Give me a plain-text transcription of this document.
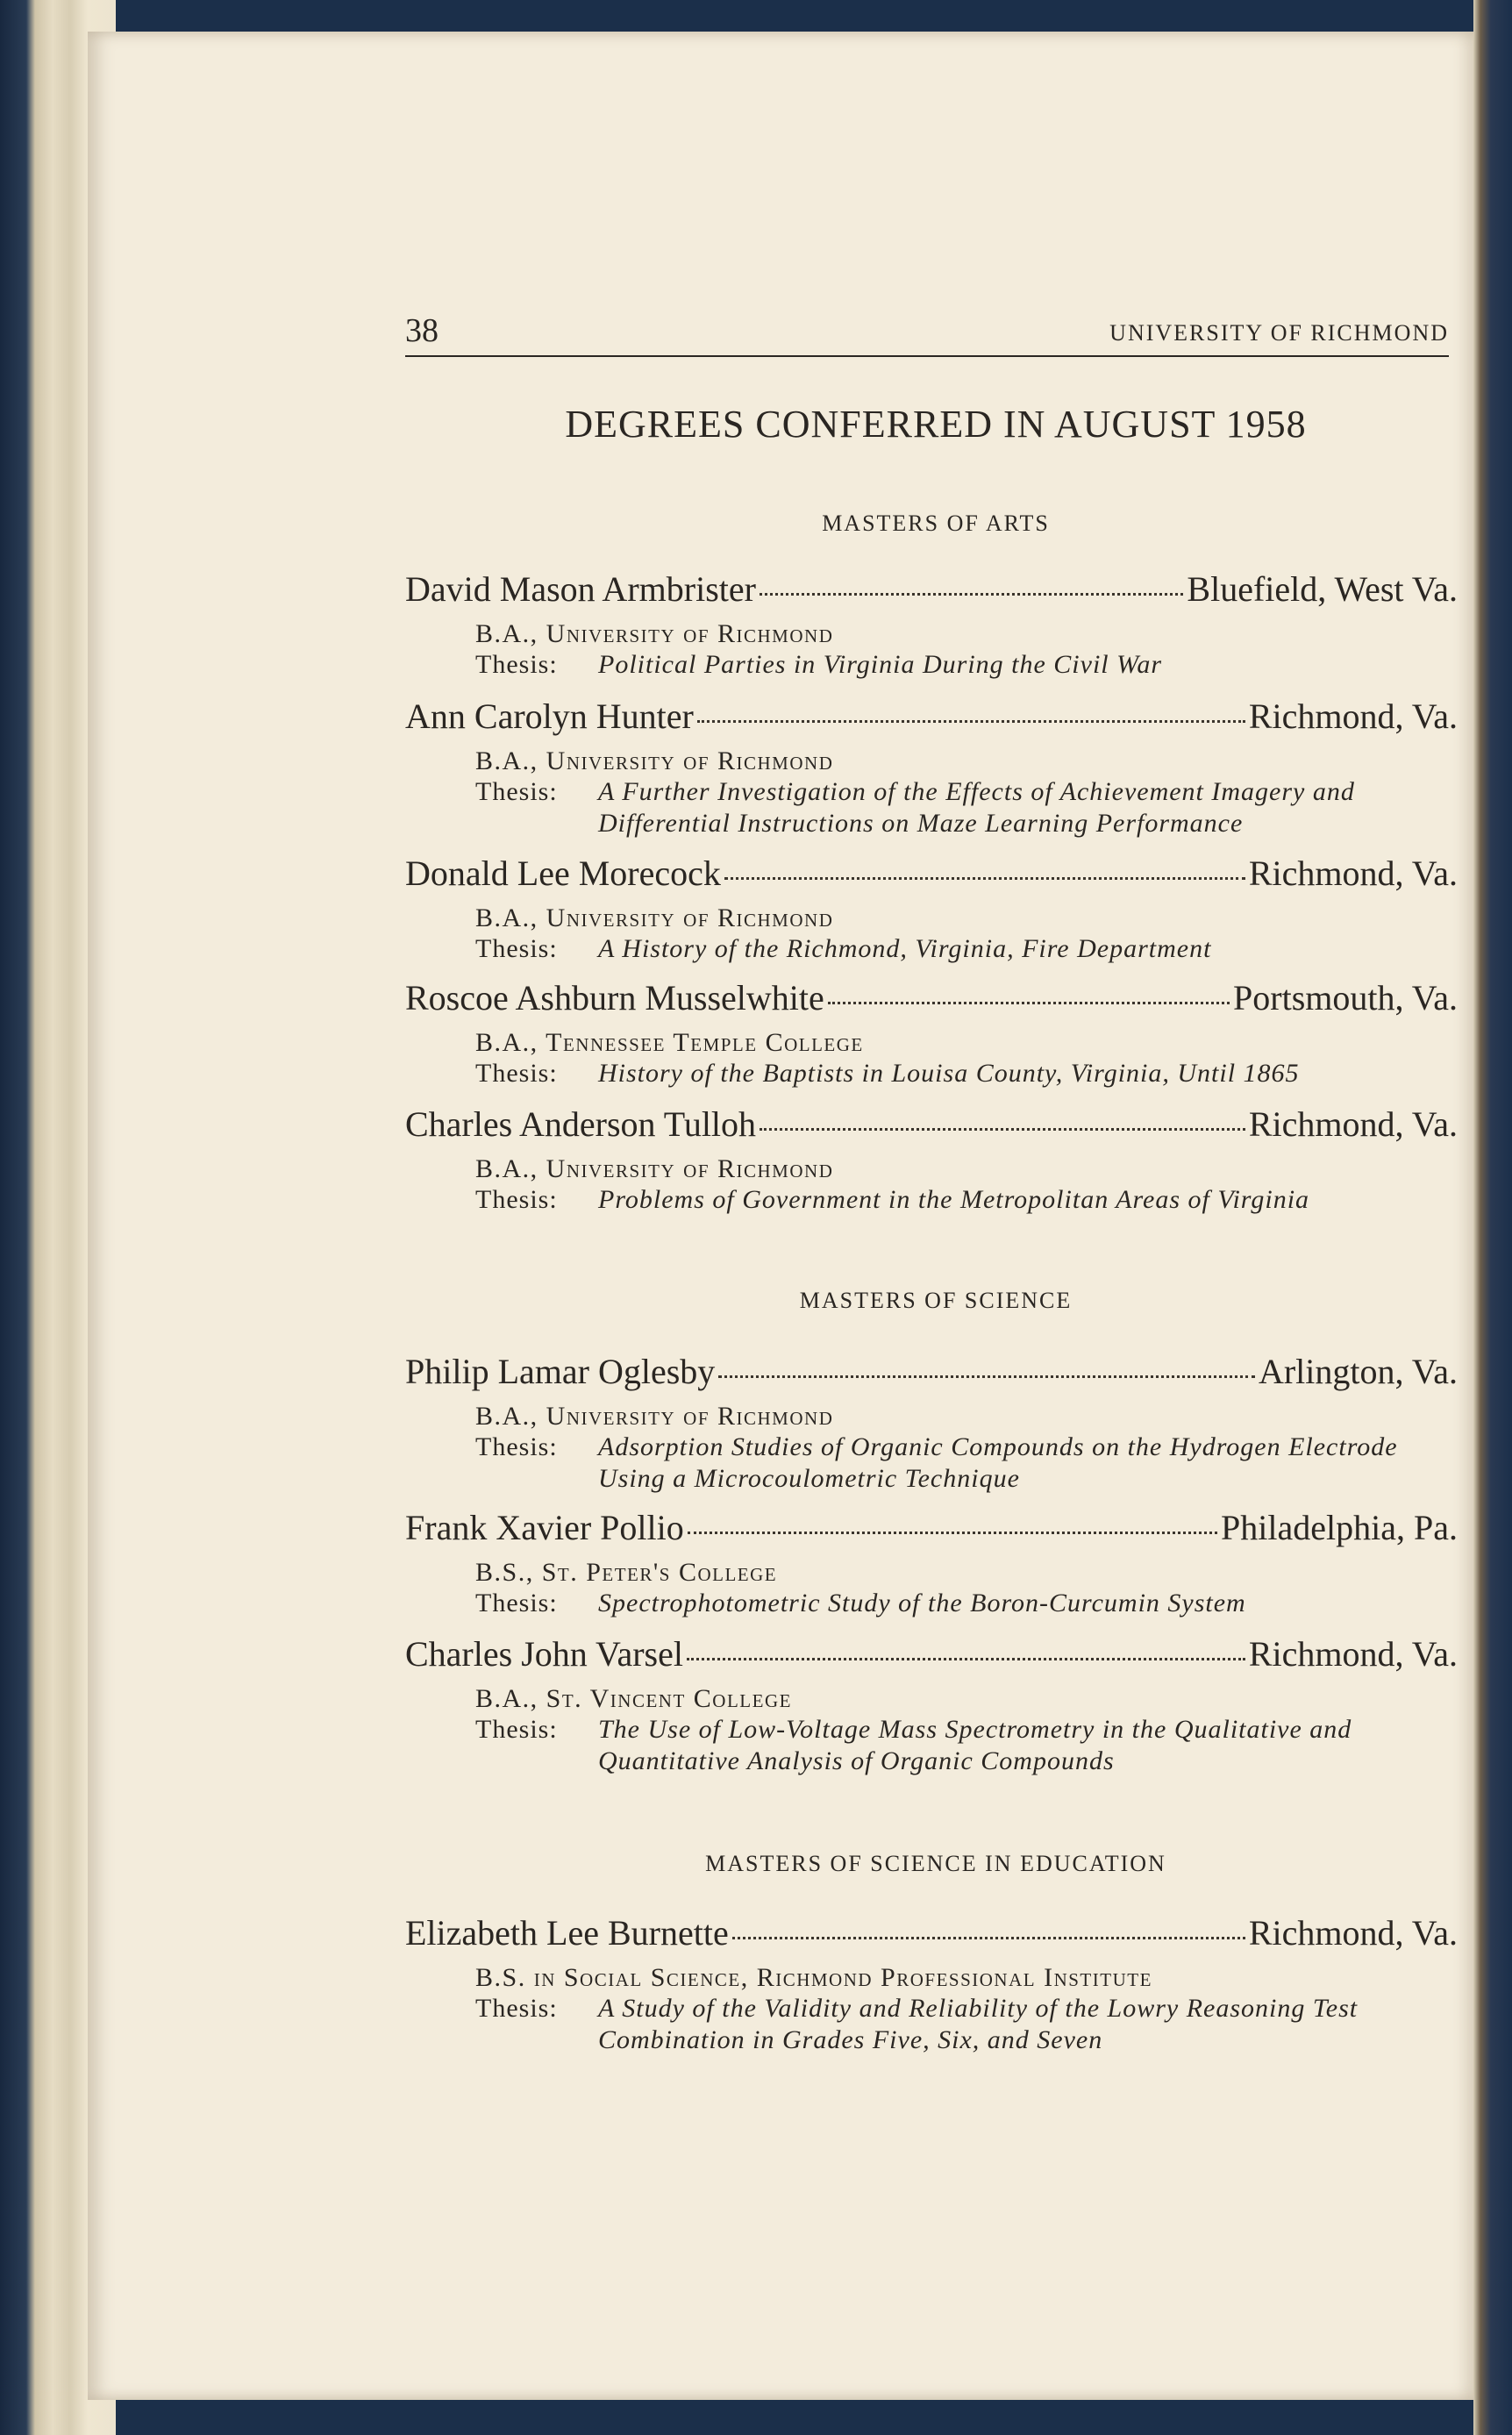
38	UNIVERSITY OF RICHMOND
DEGREES CONFERRED IN AUGUST 1958
MASTERS OF ARTS
David Mason Armbrister	Bluefield, West Va.
B.A., University of Richmond
Thesis:	Political Parties in Virginia During the Civil War
Ann Carolyn Hunter	Richmond, Va.
B.A., University of Richmond
Thesis:	A Further Investigation of the Effects of Achievement Imagery and Differential Instructions on Maze Learning Performance
Donald Lee Morecock	Richmond, Va.
B.A., University of Richmond
Thesis:	A History of the Richmond, Virginia, Fire Department
Roscoe Ashburn Musselwhite	Portsmouth, Va.
B.A., Tennessee Temple College
Thesis:	History of the Baptists in Louisa County, Virginia, Until 1865
Charles Anderson Tulloh	Richmond, Va.
B.A., University of Richmond
Thesis:	Problems of Government in the Metropolitan Areas of Virginia
MASTERS OF SCIENCE
Philip Lamar Oglesby	Arlington, Va.
B.A., University of Richmond
Thesis:	Adsorption Studies of Organic Compounds on the Hydrogen Electrode Using a Microcoulometric Technique
Frank Xavier Pollio	Philadelphia, Pa.
B.S., St. Peter's College
Thesis:	Spectrophotometric Study of the Boron-Curcumin System
Charles John Varsel	Richmond, Va.
B.A., St. Vincent College
Thesis:	The Use of Low-Voltage Mass Spectrometry in the Qualitative and Quantitative Analysis of Organic Compounds
MASTERS OF SCIENCE IN EDUCATION
Elizabeth Lee Burnette	Richmond, Va.
B.S. in Social Science, Richmond Professional Institute
Thesis:	A Study of the Validity and Reliability of the Lowry Reasoning Test Combination in Grades Five, Six, and Seven
